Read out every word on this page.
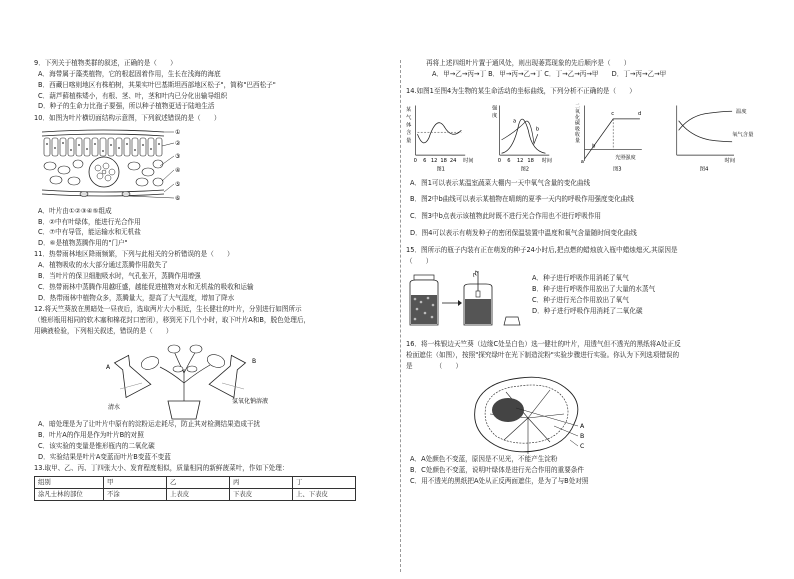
9．下列关于植物类群的叙述，正确的是（　　）
A．海带属于藻类植物，它的根起固着作用，生长在浅海的海底
B．西藏日喀则地区有株柏树，其果实叶巴基斯坦西部地区松子"，简称"巴西松子"
C．葫芦藓植株矮小，有根、茎、叶，茎和叶内已分化出输导组织
D．种子的生命力比孢子要强，所以种子植物更适于陆地生活
10．如图为叶片横切面结构示意图，下列叙述错误的是（　　）
①
②
③
④
⑤
⑥
A．叶片由①②③④⑤组成
B．②中有叶绿体，能进行光合作用
C．⑦中有导管，能运输水和无机盐
D．⑥是植物蒸腾作用的"门户"
11．热带雨林地区降雨频繁，下列与此相关的分析错误的是（　　）
A．植物吸收的水大部分通过蒸腾作用散失了
B．当叶片的保卫细胞吸水时，气孔张开，蒸腾作用增强
C．热带雨林中蒸腾作用越旺盛，越能促进植物对水和无机盐的吸收和运输
D．热带雨林中植物众多，蒸腾量大，提高了大气湿度，增加了降水
12.将天竺葵放在黑暗处一昼夜后，选取两片大小相近，生长健壮的叶片，分别进行如图所示
（锥形瓶用相同的软木塞和棉花封口密闭），移到光下几个小时，取下叶片A和B，脱色处理后，
用碘液检验，下列相关叙述，错误的是（　　）
A
B
清水
氢氧化钠溶液
A．暗处理是为了让叶片中原有的淀粉运走耗尽，防止其对检测结果造成干扰
B．叶片A的作用是作为叶片B的对照
C．该实验的变量是锥形瓶内的二氧化碳
D．实验结果是叶片A变蓝而叶片B变蓝不变蓝
13.取甲、乙、丙、丁四张大小、发育程度相似，质量相同的新鲜菠菜叶，作如下处理：
组别	甲	乙	丙	丁
涂凡士林的部位	不涂	上表皮	下表皮	上、下表皮
再将上述四组叶片置于通风处，则出现萎蔫现象的先后顺序是（　　）
A．甲→乙→丙→丁 B．甲→丙→乙→丁 C．丁→乙→丙→甲　　D．丁→丙→乙→甲
14.如图1至图4为生物的某生命活动的坐标曲线，下列分析不正确的是（　　）
某
气
体
含
量
0 6 12 18 24 时间
图1
强
度
a
b
0 6 12 18 时间
图2
二
氧
化
碳
吸
收
量
a
b
c	d
光照强度
图3
温度
氧气含量
时间
图4
A．图1可以表示某温室蔬菜大棚内一天中氧气含量的变化曲线
B．图2中b曲线可以表示某植物在晴朗的夏季一天内的呼吸作用强度变化曲线
C．图3中b点表示该植物此时既不进行光合作用也不进行呼吸作用
D．图4可以表示有萌发种子的密闭保温装置中温度和氧气含量随时间变化曲线
15．图所示的瓶子内装有正在萌发的种子24小时后,把点燃的蜡烛放入瓶中蜡烛熄灭,其原因是
（　　）
A．种子进行呼吸作用消耗了氧气
B．种子进行呼吸作用放出了大量的水蒸气
C．种子进行光合作用放出了氧气
D．种子进行呼吸作用消耗了二氧化碳
16．将一株银边天竺葵（边缘C处呈白色）选一健壮的叶片，用透气但不透光的黑纸将A处正反
检面遮住（如图），按照"探究绿叶在光下制造淀粉"实验步骤进行实验。你认为下列选项错误的
是　　　　（　　）
A
B
C
A．A处颜色不变蓝，原因是不见光，不能产生淀粉
B．C处颜色不变蓝，说明叶绿体是进行光合作用的重要条件
C．用不透光的黑纸把A处从正反两面遮住，是为了与B处对照
